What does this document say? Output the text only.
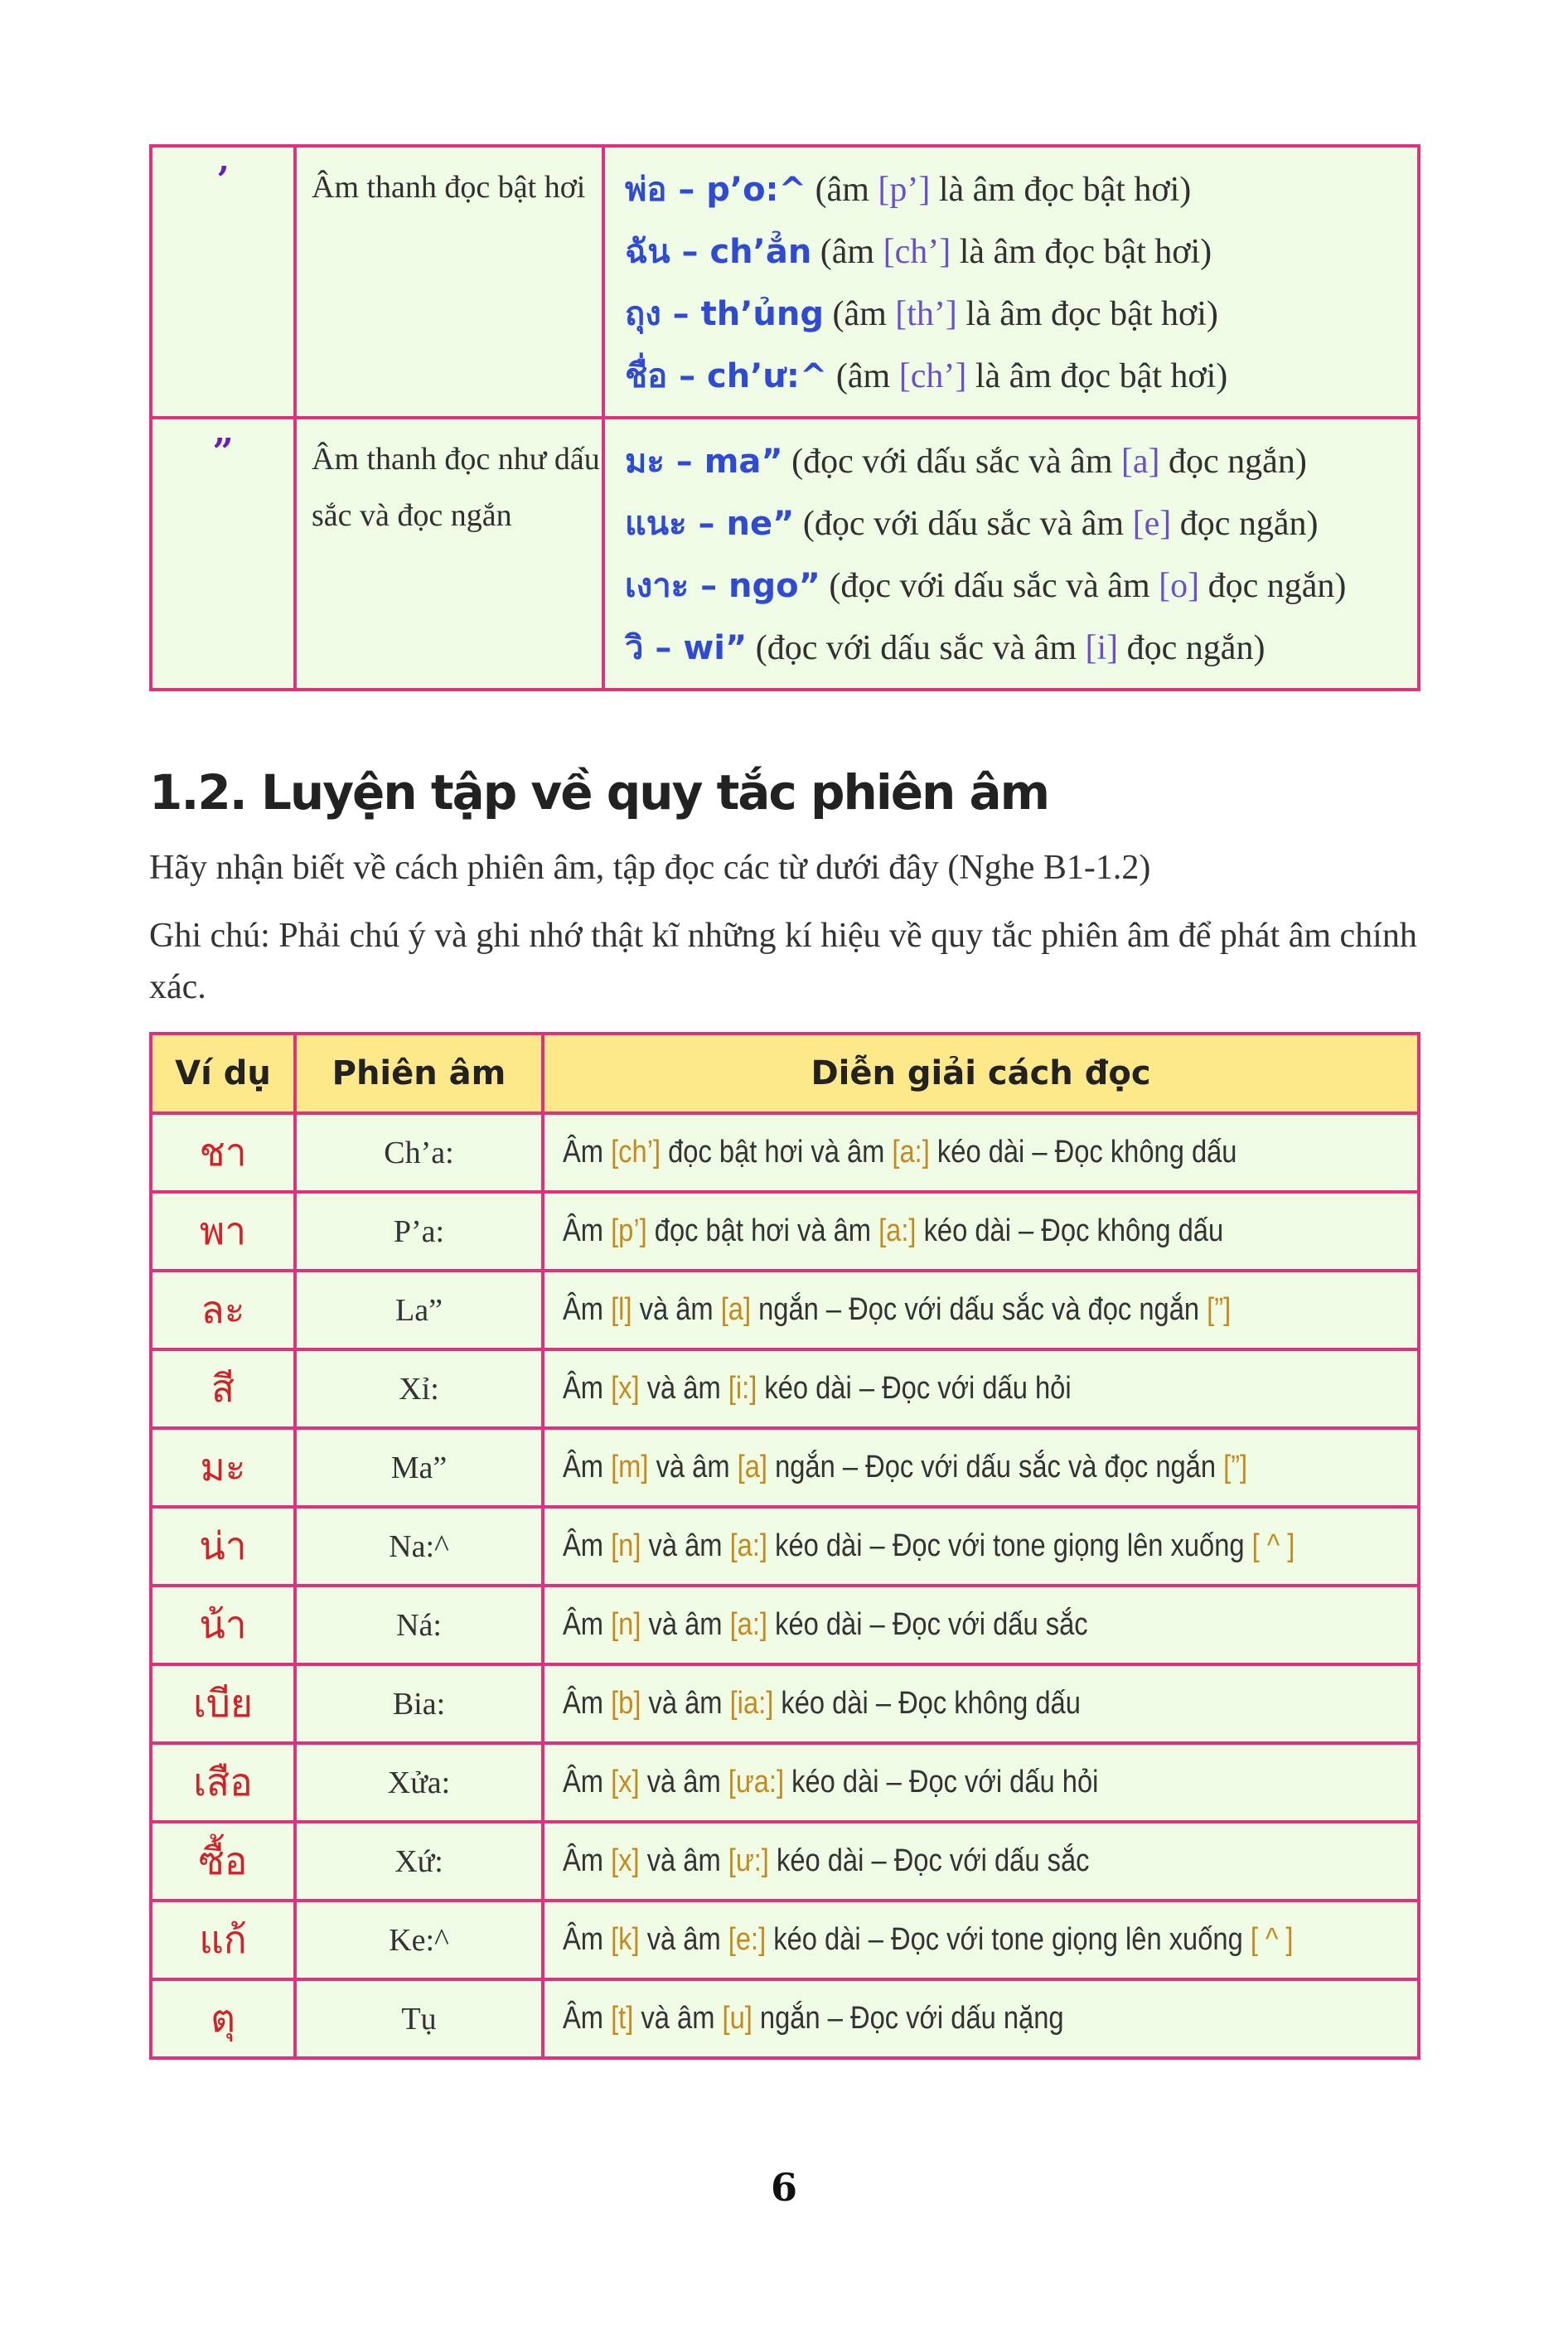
’	Âm thanh đọc bật hơi	พ่อ – p’o:^ (âm [p’] là âm đọc bật hơi)
ฉัน – ch’ẳn (âm [ch’] là âm đọc bật hơi)
ถุง – th’ủng (âm [th’] là âm đọc bật hơi)
ชื่อ – ch’ư:^ (âm [ch’] là âm đọc bật hơi)

”	Âm thanh đọc như dấu sắc và đọc ngắn	มะ – ma” (đọc với dấu sắc và âm [a] đọc ngắn)
แนะ – ne” (đọc với dấu sắc và âm [e] đọc ngắn)
เงาะ – ngo” (đọc với dấu sắc và âm [o] đọc ngắn)
วิ – wi” (đọc với dấu sắc và âm [i] đọc ngắn)
1.2. Luyện tập về quy tắc phiên âm

Hãy nhận biết về cách phiên âm, tập đọc các từ dưới đây (Nghe B1-1.2)

Ghi chú: Phải chú ý và ghi nhớ thật kĩ những kí hiệu về quy tắc phiên âm để phát âm chính xác.

Ví dụ	Phiên âm	Diễn giải cách đọc
ชา	Ch’a:	Âm [ch’] đọc bật hơi và âm [a:] kéo dài – Đọc không dấu
พา	P’a:	Âm [p’] đọc bật hơi và âm [a:] kéo dài – Đọc không dấu
ละ	La”	Âm [l] và âm [a] ngắn – Đọc với dấu sắc và đọc ngắn [”]
สี	Xỉ:	Âm [x] và âm [i:] kéo dài – Đọc với dấu hỏi
มะ	Ma”	Âm [m] và âm [a] ngắn – Đọc với dấu sắc và đọc ngắn [”]
น่า	Na:^	Âm [n] và âm [a:] kéo dài – Đọc với tone giọng lên xuống [ ^ ]
น้า	Ná:	Âm [n] và âm [a:] kéo dài – Đọc với dấu sắc
เบีย	Bia:	Âm [b] và âm [ia:] kéo dài – Đọc không dấu
เสือ	Xửa:	Âm [x] và âm [ưa:] kéo dài – Đọc với dấu hỏi
ซื้อ	Xứ:	Âm [x] và âm [ư:] kéo dài – Đọc với dấu sắc
แก้	Ke:^	Âm [k] và âm [e:] kéo dài – Đọc với tone giọng lên xuống [ ^ ]
ตุ	Tụ	Âm [t] và âm [u] ngắn – Đọc với dấu nặng

6
